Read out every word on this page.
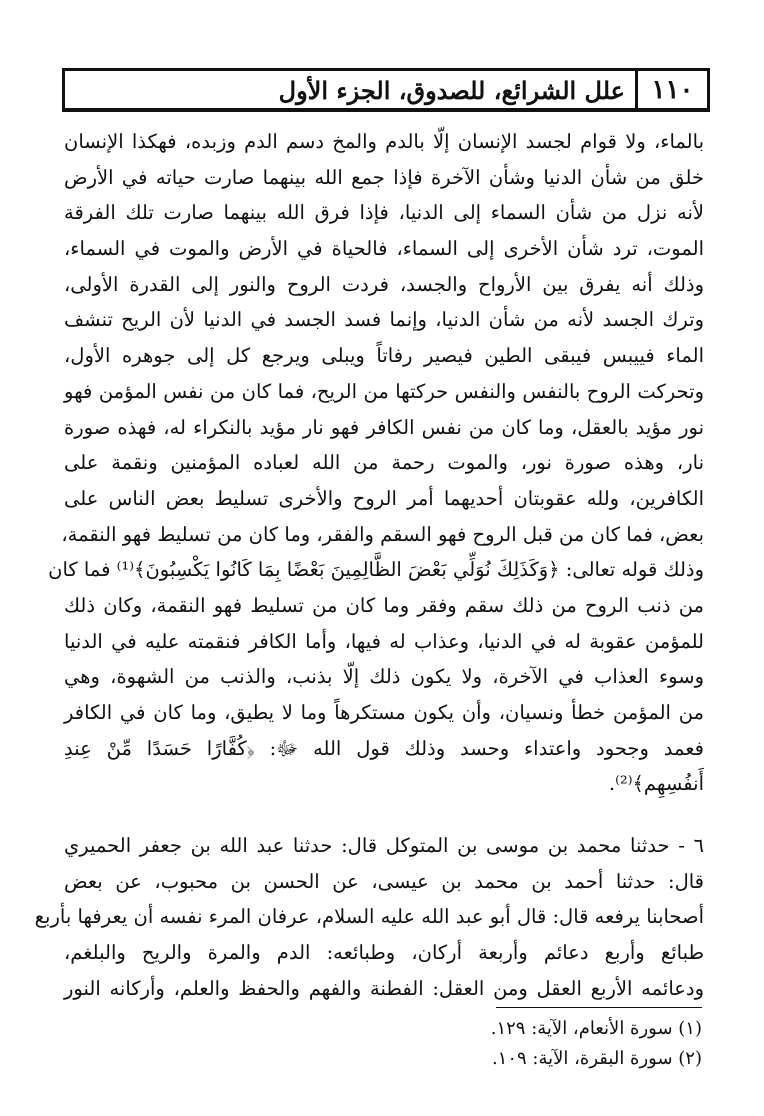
١١٠
علل الشرائع، للصدوق، الجزء الأول
بالماء، ولا قوام لجسد الإنسان إلّا بالدم والمخ دسم الدم وزبده، فهكذا الإنسان
خلق من شأن الدنيا وشأن الآخرة فإذا جمع الله بينهما صارت حياته في الأرض
لأنه نزل من شأن السماء إلى الدنيا، فإذا فرق الله بينهما صارت تلك الفرقة
الموت، ترد شأن الأخرى إلى السماء، فالحياة في الأرض والموت في السماء،
وذلك أنه يفرق بين الأرواح والجسد، فردت الروح والنور إلى القدرة الأولى،
وترك الجسد لأنه من شأن الدنيا، وإنما فسد الجسد في الدنيا لأن الريح تنشف
الماء فييبس فيبقى الطين فيصير رفاتاً ويبلى ويرجع كل إلى جوهره الأول،
وتحركت الروح بالنفس والنفس حركتها من الريح، فما كان من نفس المؤمن فهو
نور مؤيد بالعقل، وما كان من نفس الكافر فهو نار مؤيد بالنكراء له، فهذه صورة
نار، وهذه صورة نور، والموت رحمة من الله لعباده المؤمنين ونقمة على
الكافرين، ولله عقوبتان أحديهما أمر الروح والأخرى تسليط بعض الناس على
بعض، فما كان من قبل الروح فهو السقم والفقر، وما كان من تسليط فهو النقمة،
وذلك قوله تعالى: ﴿وَكَذَلِكَ نُوَلِّي بَعْضَ الظَّالِمِينَ بَعْضًا بِمَا كَانُوا يَكْسِبُونَ﴾⁽¹⁾ فما كان
من ذنب الروح من ذلك سقم وفقر وما كان من تسليط فهو النقمة، وكان ذلك
للمؤمن عقوبة له في الدنيا، وعذاب له فيها، وأما الكافر فنقمته عليه في الدنيا
وسوء العذاب في الآخرة، ولا يكون ذلك إلّا بذنب، والذنب من الشهوة، وهي
من المؤمن خطأ ونسيان، وأن يكون مستكرهاً وما لا يطيق، وما كان في الكافر
فعمد وجحود واعتداء وحسد وذلك قول الله ﷻ: ﴿كُفَّارًا حَسَدًا مِّنْ عِندِ
أَنفُسِهِم﴾⁽²⁾.
٦ - حدثنا محمد بن موسى بن المتوكل قال: حدثنا عبد الله بن جعفر الحميري
قال: حدثنا أحمد بن محمد بن عيسى، عن الحسن بن محبوب، عن بعض
أصحابنا يرفعه قال: قال أبو عبد الله عليه السلام، عرفان المرء نفسه أن يعرفها بأربع
طبائع وأربع دعائم وأربعة أركان، وطبائعه: الدم والمرة والريح والبلغم،
ودعائمه الأربع العقل ومن العقل: الفطنة والفهم والحفظ والعلم، وأركانه النور
(١) سورة الأنعام، الآية: ١٢٩.
(٢) سورة البقرة، الآية: ١٠٩.
